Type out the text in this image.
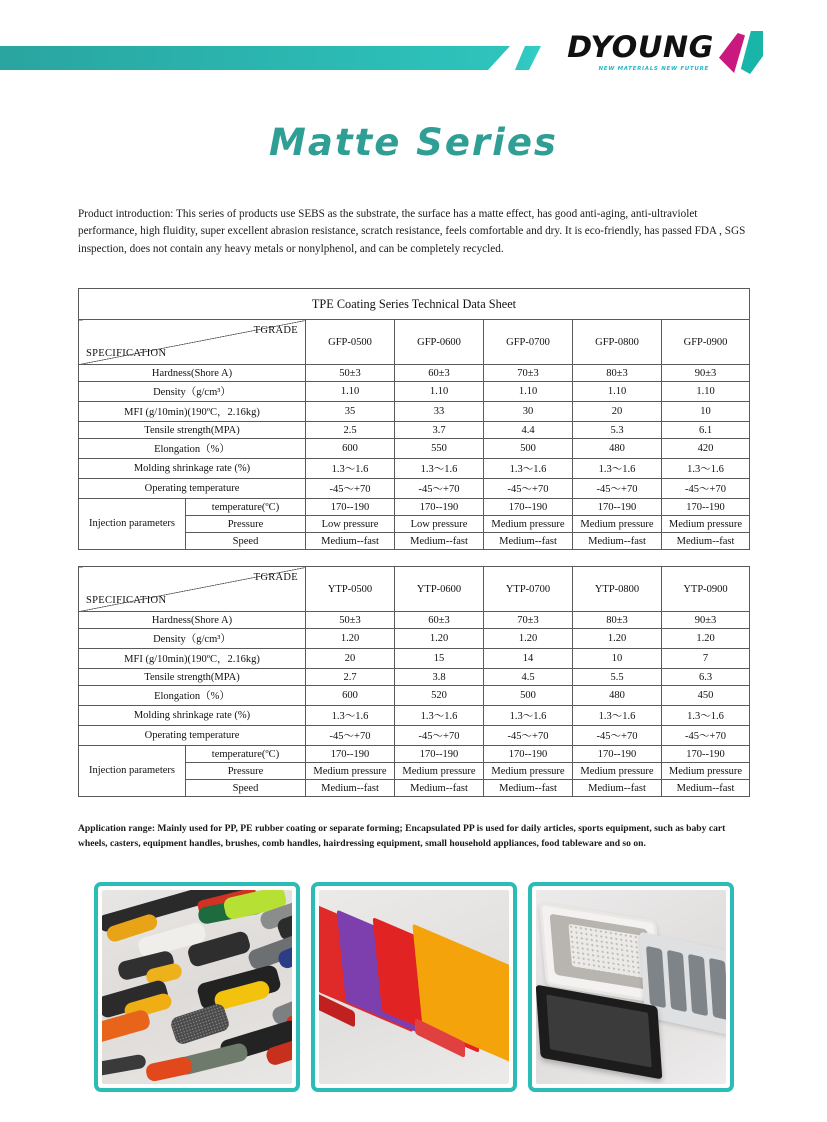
DYOUNG
NEW MATERIALS NEW FUTURE
Matte Series

Product introduction: This series of products use SEBS as the substrate, the surface has a matte effect, has good anti-aging, anti-ultraviolet performance, high fluidity, super excellent abrasion resistance, scratch resistance, feels comfortable and dry. It is eco-friendly, has passed FDA , SGS inspection, does not contain any heavy metals or nonylphenol, and can be completely recycled.

TPE Coating Series Technical Data Sheet						

TGRADE
SPECIFICATION		GFP-0500	GFP-0600	GFP-0700	GFP-0800	GFP-0900
Hardness(Shore A)		50±3	60±3	70±3	80±3	90±3
Density（g/cm³）		1.10	1.10	1.10	1.10	1.10
MFI (g/10min)(190ºC，2.16kg)		35	33	30	20	10
Tensile strength(MPA)		2.5	3.7	4.4	5.3	6.1
Elongation（%）		600	550	500	480	420
Molding shrinkage rate (%)		1.3～1.6	1.3～1.6	1.3～1.6	1.3～1.6	1.3～1.6
Operating temperature		-45～+70	-45～+70	-45～+70	-45～+70	-45～+70
Injection parameters	temperature(ºC)	170--190	170--190	170--190	170--190	170--190
	Pressure	Low pressure	Low pressure	Medium pressure	Medium pressure	Medium pressure
	Speed	Medium--fast	Medium--fast	Medium--fast	Medium--fast	Medium--fast
TGRADE
SPECIFICATION		YTP-0500	YTP-0600	YTP-0700	YTP-0800	YTP-0900
Hardness(Shore A)		50±3	60±3	70±3	80±3	90±3
Density（g/cm³）		1.20	1.20	1.20	1.20	1.20
MFI (g/10min)(190ºC，2.16kg)		20	15	14	10	7
Tensile strength(MPA)		2.7	3.8	4.5	5.5	6.3
Elongation（%）		600	520	500	480	450
Molding shrinkage rate (%)		1.3～1.6	1.3～1.6	1.3～1.6	1.3～1.6	1.3～1.6
Operating temperature		-45～+70	-45～+70	-45～+70	-45～+70	-45～+70
Injection parameters	temperature(ºC)	170--190	170--190	170--190	170--190	170--190
	Pressure	Medium pressure	Medium pressure	Medium pressure	Medium pressure	Medium pressure
	Speed	Medium--fast	Medium--fast	Medium--fast	Medium--fast	Medium--fast

Application range: Mainly used for PP, PE rubber coating or separate forming; Encapsulated PP is used for daily articles, sports equipment, such as baby cart wheels, casters, equipment handles, brushes, comb handles, hairdressing equipment, small household appliances, food tableware and so on.
